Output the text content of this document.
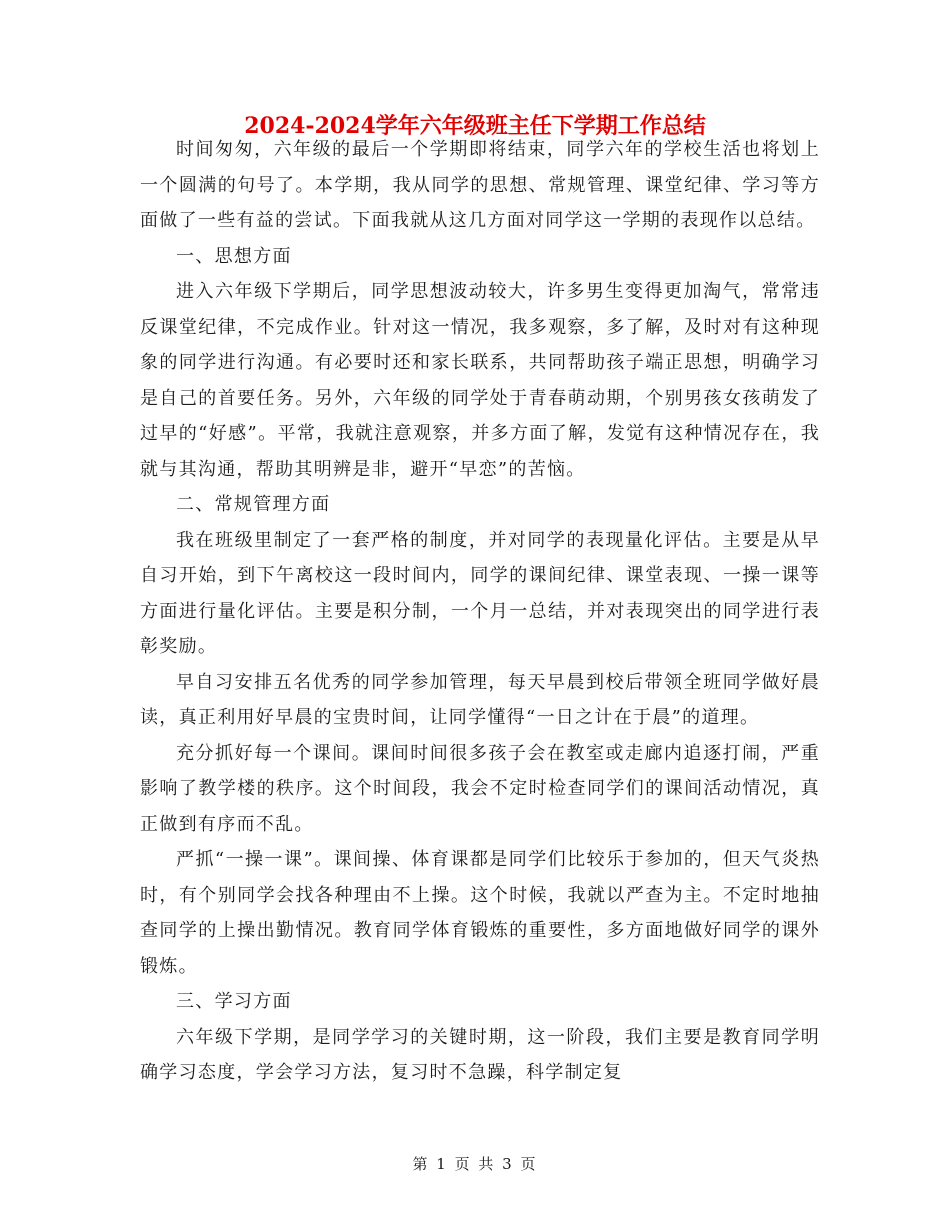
2024-2024学年六年级班主任下学期工作总结

时间匆匆，六年级的最后一个学期即将结束，同学六年的学校生活也将划上一个圆满的句号了。本学期，我从同学的思想、常规管理、课堂纪律、学习等方面做了一些有益的尝试。下面我就从这几方面对同学这一学期的表现作以总结。

一、思想方面

进入六年级下学期后，同学思想波动较大，许多男生变得更加淘气，常常违反课堂纪律，不完成作业。针对这一情况，我多观察，多了解，及时对有这种现象的同学进行沟通。有必要时还和家长联系，共同帮助孩子端正思想，明确学习是自己的首要任务。另外，六年级的同学处于青春萌动期，个别男孩女孩萌发了过早的“好感”。平常，我就注意观察，并多方面了解，发觉有这种情况存在，我就与其沟通，帮助其明辨是非，避开“早恋”的苦恼。

二、常规管理方面

我在班级里制定了一套严格的制度，并对同学的表现量化评估。主要是从早自习开始，到下午离校这一段时间内，同学的课间纪律、课堂表现、一操一课等方面进行量化评估。主要是积分制，一个月一总结，并对表现突出的同学进行表彰奖励。

早自习安排五名优秀的同学参加管理，每天早晨到校后带领全班同学做好晨读，真正利用好早晨的宝贵时间，让同学懂得“一日之计在于晨”的道理。

充分抓好每一个课间。课间时间很多孩子会在教室或走廊内追逐打闹，严重影响了教学楼的秩序。这个时间段，我会不定时检查同学们的课间活动情况，真正做到有序而不乱。

严抓“一操一课”。课间操、体育课都是同学们比较乐于参加的，但天气炎热时，有个别同学会找各种理由不上操。这个时候，我就以严查为主。不定时地抽查同学的上操出勤情况。教育同学体育锻炼的重要性，多方面地做好同学的课外锻炼。

三、学习方面

六年级下学期，是同学学习的关键时期，这一阶段，我们主要是教育同学明确学习态度，学会学习方法，复习时不急躁，科学制定复

第 1 页 共 3 页
